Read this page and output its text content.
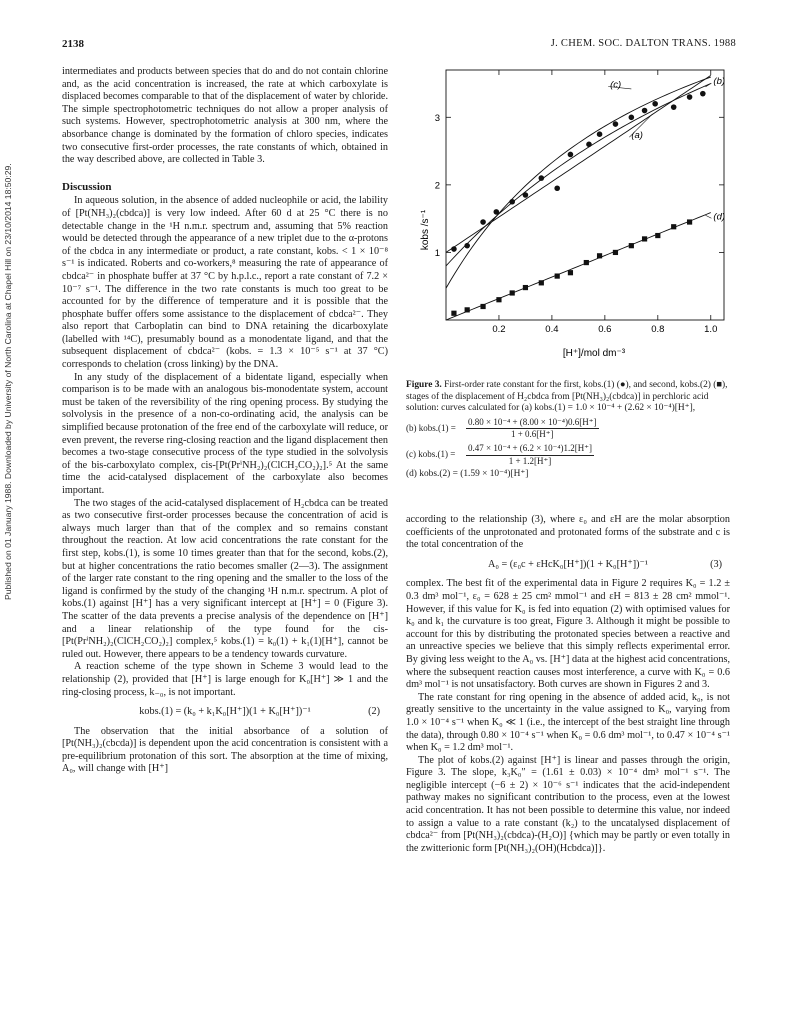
Published on 01 January 1988. Downloaded by University of North Carolina at Chapel Hill on 23/10/2014 18:50:29.
2138	J. CHEM. SOC. DALTON TRANS. 1988

intermediates and products between species that do and do not contain chlorine and, as the acid concentration is increased, the rate at which carboxylate is displaced becomes comparable to that of the displacement of water by chloride. The simple spectrophotometric techniques do not allow a proper analysis of such systems. However, spectrophotometric analysis at 300 nm, where the absorbance change is dominated by the formation of chloro species, indicates two consecutive first-order processes, the rate constants of which, obtained in the way described above, are collected in Table 3.

Discussion

In aqueous solution, in the absence of added nucleophile or acid, the lability of [Pt(NH₃)₂(cbdca)] is very low indeed. After 60 d at 25 °C there is no detectable change in the ¹H n.m.r. spectrum and, assuming that 5% reaction would be detected through the appearance of a new triplet due to the α-protons of the cbdca in any intermediate or product, a rate constant, kobs. < 1 × 10⁻⁸ s⁻¹ is indicated. Roberts and co-workers,⁸ measuring the rate of appearance of cbdca²⁻ in phosphate buffer at 37 °C by h.p.l.c., report a rate constant of 7.2 × 10⁻⁷ s⁻¹. The difference in the two rate constants is much too great to be accounted for by the difference of temperature and it is possible that the phosphate buffer offers some assistance to the displacement of cbdca²⁻. They also report that Carboplatin can bind to DNA retaining the dicarboxylate (labelled with ¹⁴C), presumably bound as a monodentate ligand, and that the subsequent displacement of cbdca²⁻ (kobs. = 1.3 × 10⁻⁵ s⁻¹ at 37 °C) corresponds to chelation (cross linking) by the DNA.

In any study of the displacement of a bidentate ligand, especially when comparison is to be made with an analogous bis-monodentate system, account must be taken of the reversibility of the ring opening process. By studying the solvolysis in the presence of a non-co-ordinating acid, the analysis can be simplified because protonation of the free end of the carboxylate will reduce, or even prevent, the reverse ring-closing reaction and the ligand displacement then becomes a two-stage consecutive process of the type studied in the solvolysis of the bis-carboxylato complex, cis-[Pt(PrⁱNH₂)₂(ClCH₂CO₂)₂].⁵ At the same time the acid-catalysed displacement of the carboxylate also becomes important.

The two stages of the acid-catalysed displacement of H₂cbdca can be treated as two consecutive first-order processes because the concentration of acid is always much larger than that of the complex and so remains constant throughout the reaction. At low acid concentrations the rate constant for the first step, kobs.(1), is some 10 times greater than that for the second, kobs.(2), but at higher concentrations the ratio becomes smaller (2—3). The assignment of the larger rate constant to the ring opening and the smaller to the loss of the ligand is confirmed by the study of the changing ¹H n.m.r. spectrum. A plot of kobs.(1) against [H⁺] has a very significant intercept at [H⁺] = 0 (Figure 3). The scatter of the data prevents a precise analysis of the dependence on [H⁺] and a linear relationship of the type found for the cis-[Pt(PrⁱNH₂)₂(ClCH₂CO₂)₂] complex,⁵ kobs.(1) = k₀(1) + k₁(1)[H⁺], cannot be ruled out. However, there appears to be a tendency towards curvature.

A reaction scheme of the type shown in Scheme 3 would lead to the relationship (2), provided that [H⁺] is large enough for K₀[H⁺] ≫ 1 and the ring-closing process, k₋₀, is not important.

kobs.(1) = (k₀ + k₁K₀[H⁺])(1 + K₀[H⁺])⁻¹	(2)

The observation that the initial absorbance of a solution of [Pt(NH₃)₂(cbcda)] is dependent upon the acid concentration is consistent with a pre-equilibrium protonation of this sort. The absorption at the time of mixing, A₀, will change with [H⁺]

(c)	(b)
(a)
(d)
0.2	0.4	0.6	0.8	1.0
1
2
3
kobs /s⁻¹
[H⁺]/mol dm⁻³

Figure 3. First-order rate constant for the first, kobs.(1) (●), and second, kobs.(2) (■), stages of the displacement of H₂cbdca from [Pt(NH₃)₂(cbdca)] in perchloric acid solution: curves calculated for (a) kobs.(1) = 1.0 × 10⁻⁴ + (2.62 × 10⁻⁴)[H⁺],

(b) kobs.(1) =	$\frac{\text{0.80 × 10⁻⁴ + (8.00 × 10⁻⁴)0.6[H⁺]}}{1 + 0.6[H^+]}$
(c) kobs.(1) =	$\frac{\text{0.47 × 10⁻⁴ + (6.2 × 10⁻⁴)1.2[H⁺]}}{1 + 1.2[H^+]}$

(d) kobs.(2) = (1.59 × 10⁻⁴)[H⁺]

according to the relationship (3), where ε₀ and εH are the molar absorption coefficients of the unprotonated and protonated forms of the substrate and c is the total concentration of the

A₀ = (ε₀c + εHcK₀[H⁺])(1 + K₀[H⁺])⁻¹	(3)

complex. The best fit of the experimental data in Figure 2 requires K₀ = 1.2 ± 0.3 dm³ mol⁻¹, ε₀ = 628 ± 25 cm² mmol⁻¹ and εH = 813 ± 28 cm² mmol⁻¹. However, if this value for K₀ is fed into equation (2) with optimised values for k₀ and k₁ the curvature is too great, Figure 3. Although it might be possible to account for this by distributing the protonated species between a reactive and an unreactive species we believe that this simply reflects experimental error. By giving less weight to the A₀ vs. [H⁺] data at the highest acid concentrations, where the subsequent reaction causes most interference, a curve with K₀ = 0.6 dm³ mol⁻¹ is not unsatisfactory. Both curves are shown in Figures 2 and 3.

The rate constant for ring opening in the absence of added acid, k₀, is not greatly sensitive to the uncertainty in the value assigned to K₀, varying from 1.0 × 10⁻⁴ s⁻¹ when K₀ ≪ 1 (i.e., the intercept of the best straight line through the data), through 0.80 × 10⁻⁴ s⁻¹ when K₀ = 0.6 dm³ mol⁻¹, to 0.47 × 10⁻⁴ s⁻¹ when K₀ = 1.2 dm³ mol⁻¹.

The plot of kobs.(2) against [H⁺] is linear and passes through the origin, Figure 3. The slope, k₃K₀″ = (1.61 ± 0.03) × 10⁻⁴ dm³ mol⁻¹ s⁻¹. The negligible intercept (−6 ± 2) × 10⁻⁶ s⁻¹ indicates that the acid-independent pathway makes no significant contribution to the process, even at the lowest acid concentration. It has not been possible to determine this value, nor indeed to assign a value to a rate constant (k₂) to the uncatalysed displacement of cbdca²⁻ from [Pt(NH₃)₂(cbdca)-(H₂O)] {which may be partly or even totally in the zwitterionic form [Pt(NH₃)₂(OH)(Hcbdca)]}.
